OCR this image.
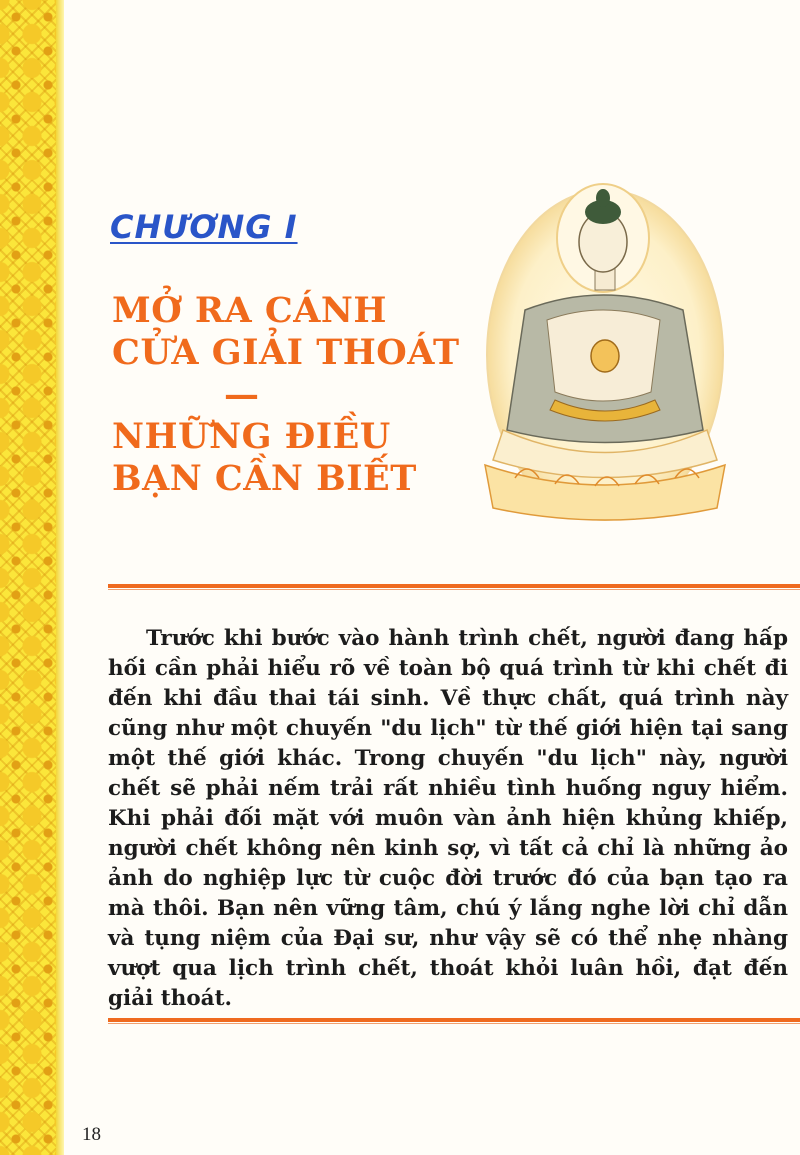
CHƯƠNG I
MỞ RA CÁNH
CỬA GIẢI THOÁT
—
NHỮNG ĐIỀU
BẠN CẦN BIẾT

Trước khi bước vào hành trình chết, người đang hấp hối cần phải hiểu rõ về toàn bộ quá trình từ khi chết đi đến khi đầu thai tái sinh. Về thực chất, quá trình này cũng như một chuyến "du lịch" từ thế giới hiện tại sang một thế giới khác. Trong chuyến "du lịch" này, người chết sẽ phải nếm trải rất nhiều tình huống nguy hiểm. Khi phải đối mặt với muôn vàn ảnh hiện khủng khiếp, người chết không nên kinh sợ, vì tất cả chỉ là những ảo ảnh do nghiệp lực từ cuộc đời trước đó của bạn tạo ra mà thôi. Bạn nên vững tâm, chú ý lắng nghe lời chỉ dẫn và tụng niệm của Đại sư, như vậy sẽ có thể nhẹ nhàng vượt qua lịch trình chết, thoát khỏi luân hồi, đạt đến giải thoát.

18
